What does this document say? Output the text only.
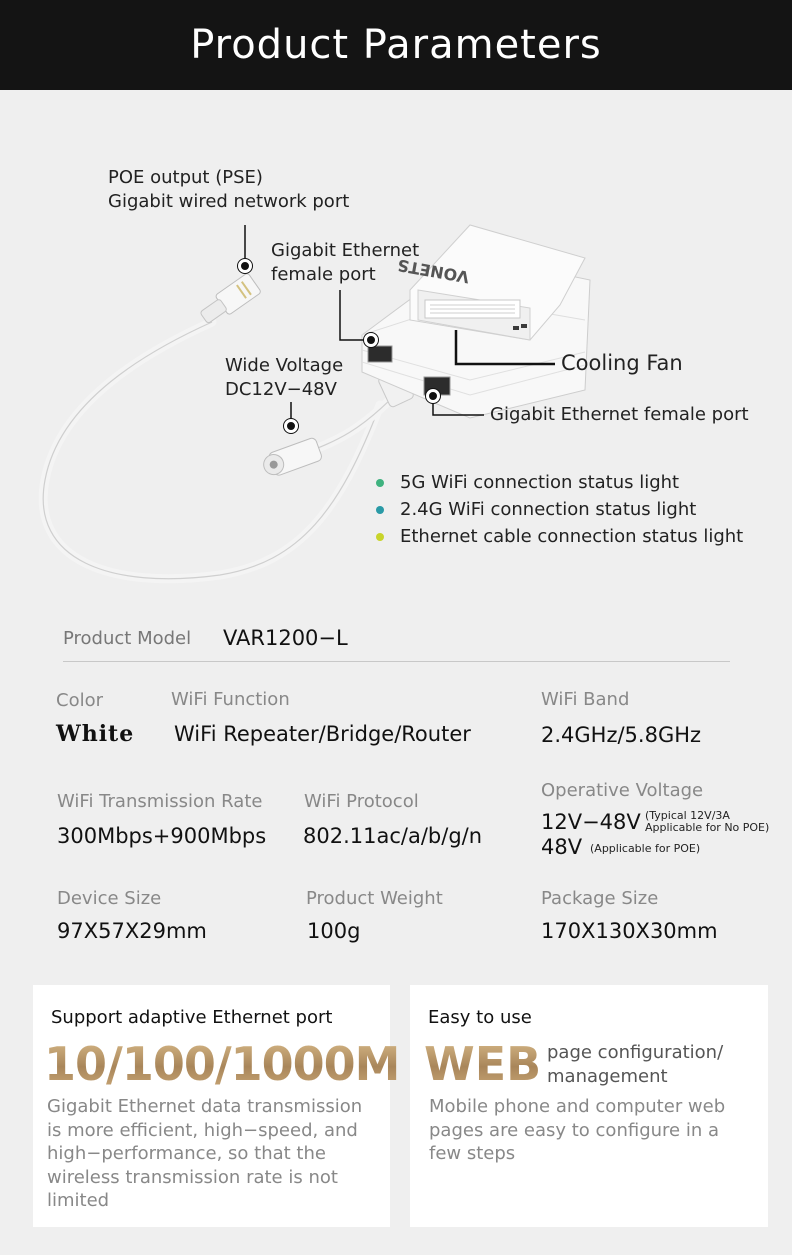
Product Parameters
VONETS
POE output (PSE)
Gigabit wired network port
Gigabit Ethernet
female port
Wide Voltage
DC12V−48V
Cooling Fan
Gigabit Ethernet female port
5G WiFi connection status light
2.4G WiFi connection status light
Ethernet cable connection status light
Product Model VAR1200−L
Color
White
WiFi Function
WiFi Repeater/Bridge/Router
WiFi Band
2.4GHz/5.8GHz
WiFi Transmission Rate
300Mbps+900Mbps
WiFi Protocol
802.11ac/a/b/g/n
Operative Voltage
12V−48V (Typical 12V/3A
Applicable for No POE)
48V (Applicable for POE)
Device Size
97X57X29mm
Product Weight
100g
Package Size
170X130X30mm
Support adaptive Ethernet port
10/100/1000M
Gigabit Ethernet data transmission
is more efficient, high−speed, and
high−performance, so that the
wireless transmission rate is not
limited
Easy to use
WEB page configuration/
management
Mobile phone and computer web
pages are easy to configure in a
few steps
